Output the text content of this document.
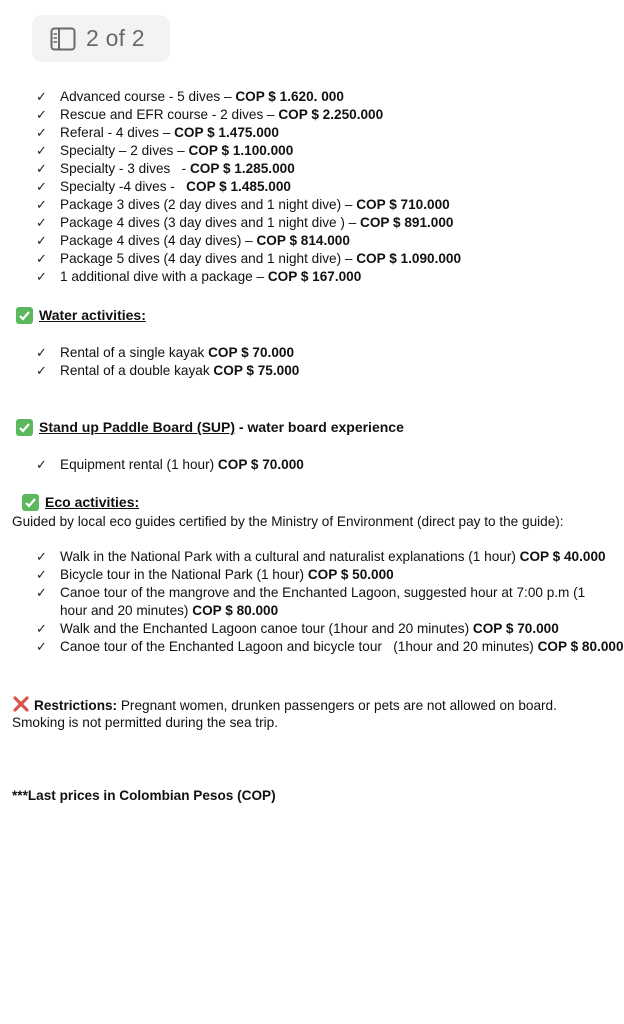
2 of 2
✓ Advanced course - 5 dives – COP $ 1.620. 000
✓ Rescue and EFR course - 2 dives – COP $ 2.250.000
✓ Referal - 4 dives – COP $ 1.475.000
✓ Specialty – 2 dives – COP $ 1.100.000
✓ Specialty - 3 dives   - COP $ 1.285.000
✓ Specialty -4 dives -   COP $ 1.485.000
✓ Package 3 dives (2 day dives and 1 night dive) – COP $ 710.000
✓ Package 4 dives (3 day dives and 1 night dive ) – COP $ 891.000
✓ Package 4 dives (4 day dives) – COP $ 814.000
✓ Package 5 dives (4 day dives and 1 night dive) – COP $ 1.090.000
✓ 1 additional dive with a package – COP $ 167.000
Water activities:
✓ Rental of a single kayak COP $ 70.000
✓ Rental of a double kayak COP $ 75.000
Stand up Paddle Board (SUP) - water board experience
✓ Equipment rental (1 hour) COP $ 70.000
Eco activities:
Guided by local eco guides certified by the Ministry of Environment (direct pay to the guide):
✓ Walk in the National Park with a cultural and naturalist explanations (1 hour) COP $ 40.000
✓ Bicycle tour in the National Park (1 hour) COP $ 50.000
✓ Canoe tour of the mangrove and the Enchanted Lagoon, suggested hour at 7:00 p.m (1 hour and 20 minutes) COP $ 80.000
✓ Walk and the Enchanted Lagoon canoe tour (1hour and 20 minutes) COP $ 70.000
✓ Canoe tour of the Enchanted Lagoon and bicycle tour   (1hour and 20 minutes) COP $ 80.000
Restrictions: Pregnant women, drunken passengers or pets are not allowed on board.
Smoking is not permitted during the sea trip.
***Last prices in Colombian Pesos (COP)
